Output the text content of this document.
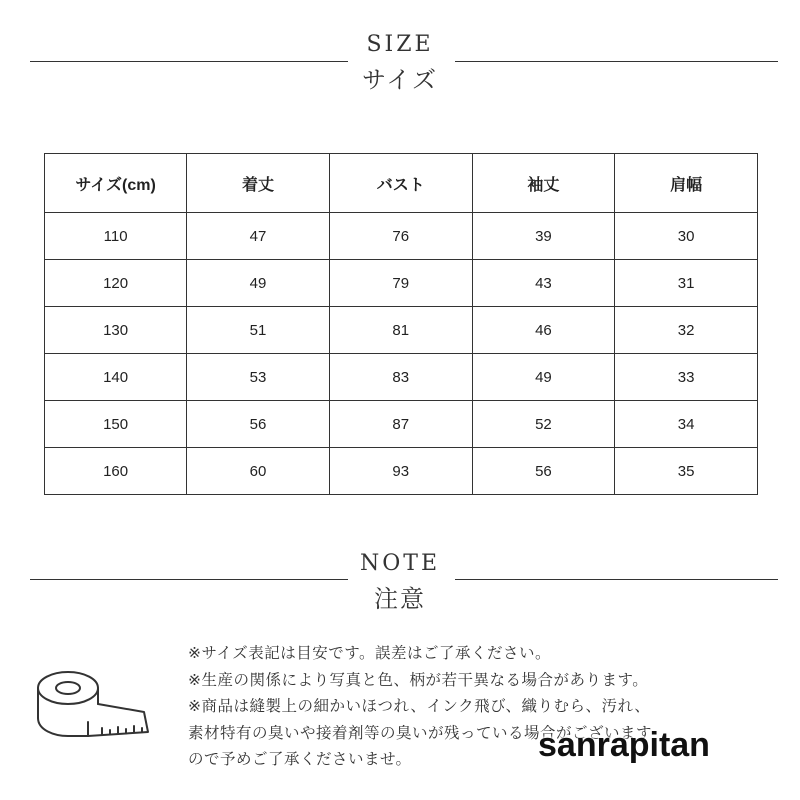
SIZE
サイズ
サイズ(cm)	着丈	バスト	袖丈	肩幅
110	47	76	39	30
120	49	79	43	31
130	51	81	46	32
140	53	83	49	33
150	56	87	52	34
160	60	93	56	35
NOTE
注意
※サイズ表記は目安です。誤差はご了承ください。
※生産の関係により写真と色、柄が若干異なる場合があります。
※商品は縫製上の細かいほつれ、インク飛び、織りむら、汚れ、
素材特有の臭いや接着剤等の臭いが残っている場合がございます
ので予めご了承くださいませ。	sanrapitan
